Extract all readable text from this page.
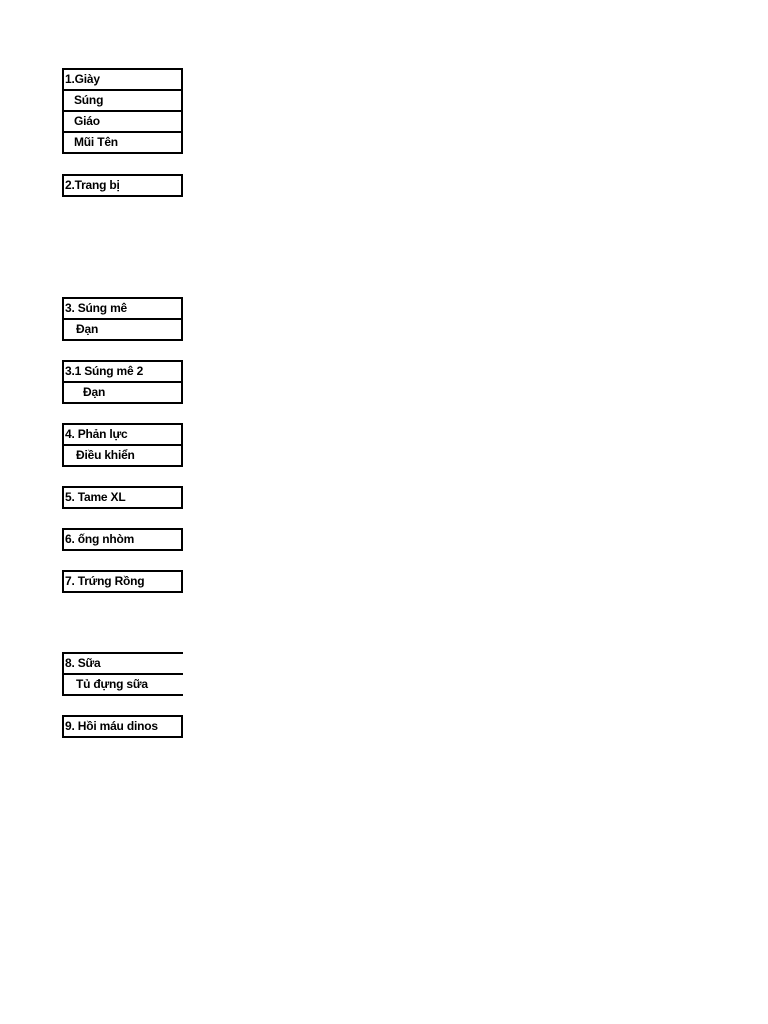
1.Giày
Súng
Giáo
Mũi Tên
2.Trang bị
3. Súng mê
Đạn
3.1 Súng mê 2
Đạn
4. Phản lực
Điều khiển
5. Tame XL
6. ống nhòm
7. Trứng Rồng
8. Sữa
Tủ đựng sữa
9. Hồi máu dinos
